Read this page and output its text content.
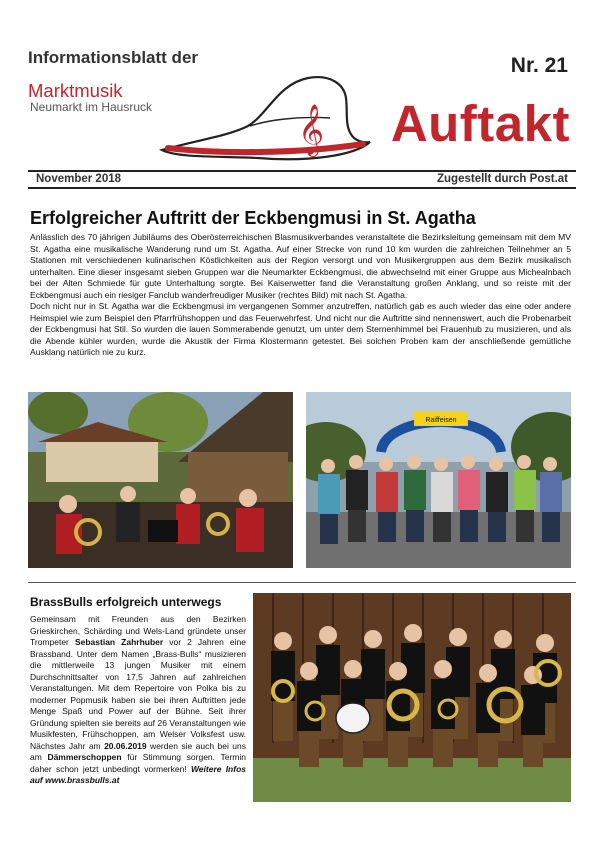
Informationsblatt der
Marktmusik
Neumarkt im Hausruck
Nr. 21
Auftakt
𝄞
November 2018	Zugestellt durch Post.at
Erfolgreicher Auftritt der Eckbengmusi in St. Agatha

Anlässlich des 70 jährigen Jubiläums des Oberösterreichischen Blasmusikverbandes veranstaltete die Bezirksleitung gemeinsam mit dem MV St. Agatha eine musikalische Wanderung rund um St. Agatha. Auf einer Strecke von rund 10 km wurden die zahlreichen Teilnehmer an 5 Stationen mit verschiedenen kulinarischen Köstlichkeiten aus der Region versorgt und von Musikergruppen aus dem Bezirk musikalisch unterhalten. Eine dieser insgesamt sieben Gruppen war die Neumarkter Eckbengmusi, die abwechselnd mit einer Gruppe aus Michealnbach bei der Alten Schmiede für gute Unterhaltung sorgte. Bei Kaiserwetter fand die Veranstaltung großen Anklang, und so reiste mit der Eckbengmusi auch ein riesiger Fanclub wanderfreudiger Musiker (rechtes Bild) mit nach St. Agatha.

Doch nicht nur in St. Agatha war die Eckbengmusi im vergangenen Sommer anzutreffen, natürlich gab es auch wieder das eine oder andere Heimspiel wie zum Beispiel den Pfarrfrühshoppen und das Feuerwehrfest. Und nicht nur die Auftritte sind nennenswert, auch die Probenarbeit der Eckbengmusi hat Stil. So wurden die lauen Sommerabende genutzt, um unter dem Sternenhimmel bei Frauenhub zu musizieren, und als die Abende kühler wurden, wurde die Akustik der Firma Klostermann getestet. Bei solchen Proben kam der anschließende gemütliche Ausklang natürlich nie zu kurz.

Raiffeisen
BrassBulls erfolgreich unterwegs
Gemeinsam mit Freunden aus den Bezirken Grieskirchen, Schärding und Wels-Land gründete unser Trompeter Sebastian Zahrhuber vor 2 Jahren eine Brassband. Unter dem Namen „Brass-Bulls“ musizieren die mittlerweile 13 jungen Musiker mit einem Durchschnittsalter von 17,5 Jahren auf zahlreichen Veranstaltungen. Mit dem Repertoire von Polka bis zu moderner Popmusik haben sie bei ihren Auftritten jede Menge Spaß und Power auf der Bühne. Seit ihrer Gründung spielten sie bereits auf 26 Veranstaltungen wie Musikfesten, Frühschoppen, am Welser Volksfest usw. Nächstes Jahr am 20.06.2019 werden sie auch bei uns am Dämmerschoppen für Stimmung sorgen. Termin daher schon jetzt unbedingt vormerken! Weitere Infos auf www.brassbulls.at
